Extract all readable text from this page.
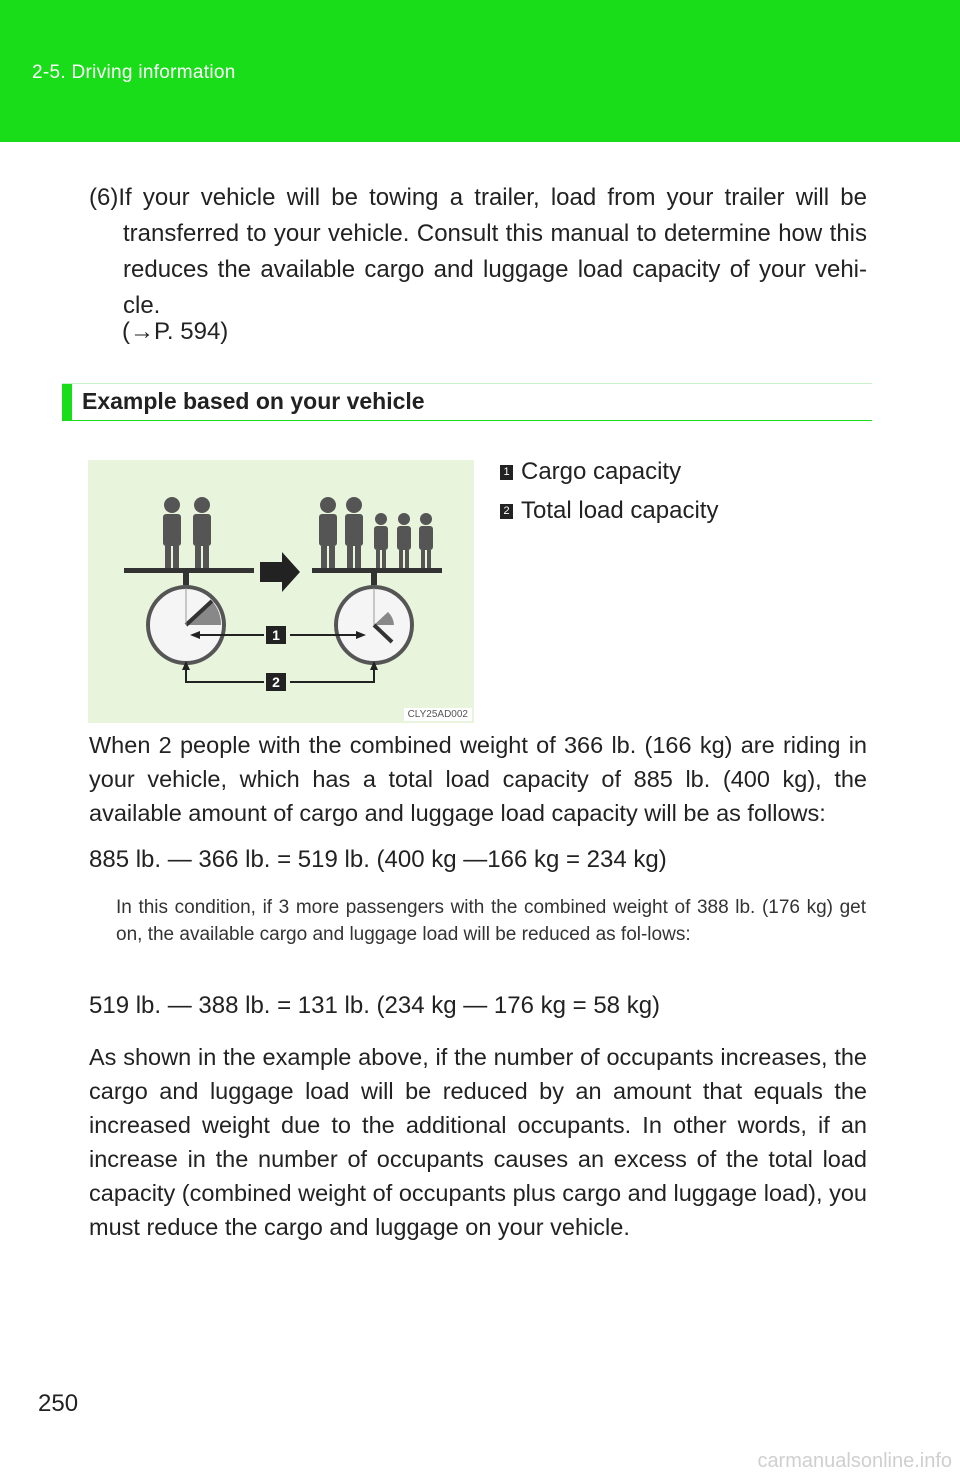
2-5. Driving information

(6)If your vehicle will be towing a trailer, load from your trailer will be

transferred to your vehicle. Consult this manual to determine how this

reduces the available cargo and luggage load capacity of your vehi-

cle.

(→P. 594)
Example based on your vehicle
1
2
CLY25AD002
1 Cargo capacity
2 Total load capacity

When 2 people with the combined weight of 366 lb. (166 kg) are riding in your vehicle, which has a total load capacity of 885 lb. (400 kg), the available amount of cargo and luggage load capacity will be as follows:

885 lb. — 366 lb. = 519 lb. (400 kg —166 kg = 234 kg)
In this condition, if 3 more passengers with the combined weight of 388 lb. (176 kg) get on, the available cargo and luggage load will be reduced as fol-lows:
519 lb. — 388 lb. = 131 lb. (234 kg — 176 kg = 58 kg)

As shown in the example above, if the number of occupants increases, the cargo and luggage load will be reduced by an amount that equals the increased weight due to the additional occupants. In other words, if an increase in the number of occupants causes an excess of the total load capacity (combined weight of occupants plus cargo and luggage load), you must reduce the cargo and luggage on your vehicle.

250
carmanualsonline.info
